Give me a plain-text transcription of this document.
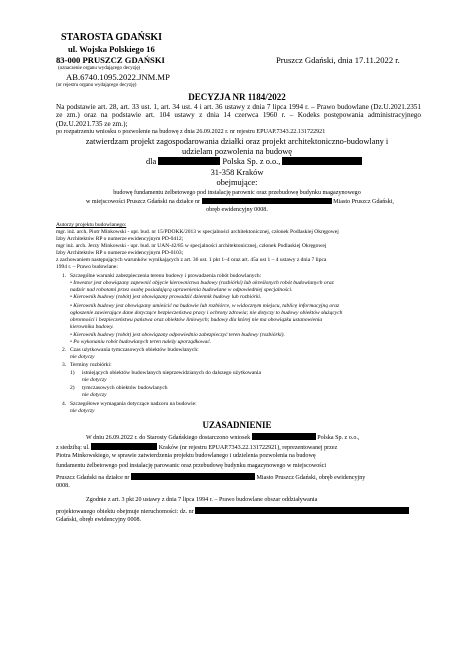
STAROSTA GDAŃSKI
ul. Wojska Polskiego 16
83-000 PRUSZCZ GDAŃSKI
(oznaczenie organu wydającego decyzję)
AB.6740.1095.2022.JNM.MP
(nr rejestru organu wydającego decyzję)
Pruszcz Gdański, dnia 17.11.2022 r.
DECYZJA NR 1184/2022
Na podstawie art. 28, art. 33 ust. 1, art. 34 ust. 4 i art. 36 ustawy z dnia 7 lipca 1994 r. – Prawo budowlane (Dz.U.2021.2351 ze zm.) oraz na podstawie art. 104 ustawy z dnia 14 czerwca 1960 r. – Kodeks postępowania administracyjnego (Dz.U.2021.735 ze zm.);
po rozpatrzeniu wniosku o pozwolenie na budowę z dnia 26.09.2022 r. nr rejestru EPUAP.7343.22.131722921
zatwierdzam projekt zagospodarowania działki oraz projekt architektoniczno-budowlany i
udzielam pozwolenia na budowę
dla	Polska Sp. z o.o.,
31-358 Kraków
obejmujące:
budowę fundamentu żelbetowego pod instalację parownic oraz przebudowę budynku magazynowego
w miejscowości Pruszcz Gdański na działce nr	Miasto Pruszcz Gdański,
obręb ewidencyjny 0008.
Autorzy projektu budowlanego:
mgr. inż. arch. Piotr Minkowski - upr. bud. nr 15/PDOKK/2013 w specjalności architektonicznej, członek Podlaskiej Okręgowej
Izby Architektów RP o numerze ewidencyjnym PD-0412;
mgr inż. arch. Jerzy Minkowski - upr. bud. nr UAN-42/85 w specjalności architektonicznej, członek Podlaskiej Okręgowej
Izby Architektów RP o numerze ewidencyjnym PD-0103;
z zachowaniem następujących warunków wynikających z art. 36 ust. 1 pkt 1–4 oraz art. 45a ust 1 – 4 ustawy z dnia 7 lipca
1994 r. – Prawo budowlane:
1. Szczególne warunki zabezpieczenia terenu budowy i prowadzenia robót budowlanych:
• Inwestor jest obowiązany zapewnić objęcie kierownictwa budowy (rozbiórki) lub określonych robót budowlanych oraz
nadzór nad robotami przez osobę posiadającą uprawnienia budowlane w odpowiedniej specjalności.
• Kierownik budowy (robót) jest obowiązany prowadzić dziennik budowy lub rozbiórki.
• Kierownik budowy jest obowiązany umieścić na budowie lub rozbiórce, w widocznym miejscu, tablicę informacyjną oraz
ogłoszenie zawierające dane dotyczące bezpieczeństwa pracy i ochrony zdrowia; nie dotyczy to budowy obiektów służących
obronności i bezpieczeństwu państwa oraz obiektów liniowych; budowy dla której nie ma obowiązku ustanowienia
kierownika budowy.
• Kierownik budowy (robót) jest obowiązany odpowiednio zabezpieczyć teren budowy (rozbiórki).
• Po wykonaniu robót budowlanych teren należy uporządkować.
2. Czas użytkowania tymczasowych obiektów budowlanych:
nie dotyczy
3. Terminy rozbiórki:
1) istniejących obiektów budowlanych nieprzewidzianych do dalszego użytkowania
nie dotyczy
2) tymczasowych obiektów budowlanych
nie dotyczy
4. Szczegółowe wymagania dotyczące nadzoru na budowie:
nie dotyczy
UZASADNIENIE
W dniu 26.09.2022 r. do Starosty Gdańskiego dostarczono wniosek	Polska Sp. z o.o.,
z siedzibą: ul.	Kraków (nr rejestru EPUAP.7343.22.131722921), reprezentowanej przez
Piotra Minkowskiego, w sprawie zatwierdzenia projektu budowlanego i udzielenia pozwolenia na budowę
fundamentu żelbetowego pod instalację parowanic oraz przebudowę budynku magazynowego w miejscowości
Pruszcz Gdański na działce nr	Miasto Pruszcz Gdański, obręb ewidencyjny
0008.
Zgodnie z art. 3 pkt 20 ustawy z dnia 7 lipca 1994 r. – Prawo budowlane obszar oddziaływania
projektowanego obiektu obejmuje nieruchomości: dz. nr
Gdański, obręb ewidencyjny 0008.
